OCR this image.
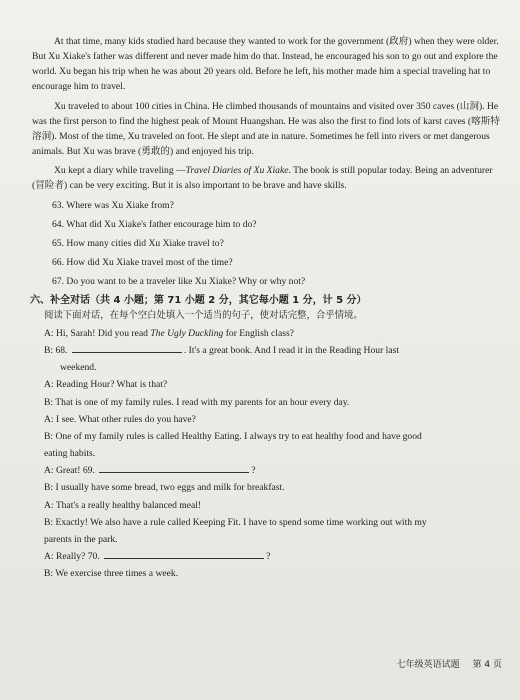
At that time, many kids studied hard because they wanted to work for the government (政府) when they were older. But Xu Xiake's father was different and never made him do that. Instead, he encouraged his son to go out and explore the world. Xu began his trip when he was about 20 years old. Before he left, his mother made him a special traveling hat to encourage him to travel.

Xu traveled to about 100 cities in China. He climbed thousands of mountains and visited over 350 caves (山洞). He was the first person to find the highest peak of Mount Huangshan. He was also the first to find lots of karst caves (喀斯特溶洞). Most of the time, Xu traveled on foot. He slept and ate in nature. Sometimes he fell into rivers or met dangerous animals. But Xu was brave (勇敢的) and enjoyed his trip.

Xu kept a diary while traveling —Travel Diaries of Xu Xiake. The book is still popular today. Being an adventurer (冒险者) can be very exciting. But it is also important to be brave and have skills.

63. Where was Xu Xiake from?

64. What did Xu Xiake's father encourage him to do?

65. How many cities did Xu Xiake travel to?

66. How did Xu Xiake travel most of the time?

67. Do you want to be a traveler like Xu Xiake? Why or why not?

六、补全对话（共 4 小题；第 71 小题 2 分，其它每小题 1 分，计 5 分）

阅读下面对话，在每个空白处填入一个适当的句子，使对话完整，合乎情境。

A: Hi, Sarah! Did you read The Ugly Duckling for English class?

B: 68.	. It's a great book. And I read it in the Reading Hour last

weekend.

A: Reading Hour? What is that?

B: That is one of my family rules. I read with my parents for an hour every day.

A: I see. What other rules do you have?

B: One of my family rules is called Healthy Eating. I always try to eat healthy food and have good

eating habits.

A: Great! 69.	?

B: I usually have some bread, two eggs and milk for breakfast.

A: That's a really healthy balanced meal!

B: Exactly! We also have a rule called Keeping Fit. I have to spend some time working out with my

parents in the park.

A: Really? 70.	?

B: We exercise three times a week.

七年级英语试题 第 4 页
